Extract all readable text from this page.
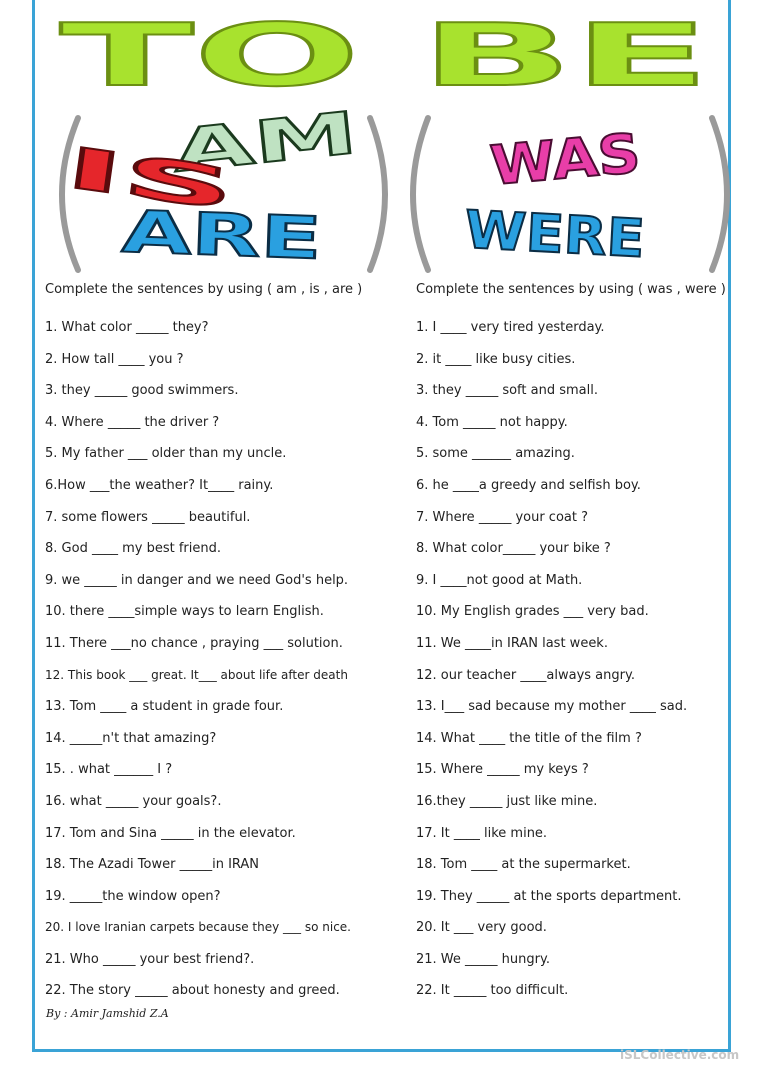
TO BE
AM
IS
ARE
WAS
WERE
Complete the sentences by using ( am , is , are )
1. What color _____ they?
2. How tall ____ you ?
3. they _____ good swimmers.
4. Where _____ the driver ?
5. My father ___ older than my uncle.
6.How ___the weather? It____ rainy.
7. some flowers _____ beautiful.
8. God ____ my best friend.
9. we _____ in danger and we need God's help.
10. there ____simple ways to learn English.
11. There ___no chance , praying ___ solution.
12. This book ___ great. It___ about life after death
13. Tom ____ a student in grade four.
14. _____n't that amazing?
15. . what ______ I ?
16. what _____ your goals?.
17. Tom and Sina _____ in the elevator.
18. The Azadi Tower _____in IRAN
19. _____the window open?
20. I love Iranian carpets because they ___ so nice.
21. Who _____ your best friend?.
22. The story _____ about honesty and greed.
Complete the sentences by using ( was , were )
1. I ____ very tired yesterday.
2. it ____ like busy cities.
3. they _____ soft and small.
4. Tom _____ not happy.
5. some ______ amazing.
6. he ____a greedy and selfish boy.
7. Where _____ your coat ?
8. What color_____ your bike ?
9. I ____not good at Math.
10. My English grades ___ very bad.
11. We ____in IRAN last week.
12. our teacher ____always angry.
13. I___ sad because my mother ____ sad.
14. What ____ the title of the film ?
15. Where _____ my keys ?
16.they _____ just like mine.
17. It ____ like mine.
18. Tom ____ at the supermarket.
19. They _____ at the sports department.
20. It ___ very good.
21. We _____ hungry.
22. It _____ too difficult.
By : Amir Jamshid Z.A
iSLCollective.com
